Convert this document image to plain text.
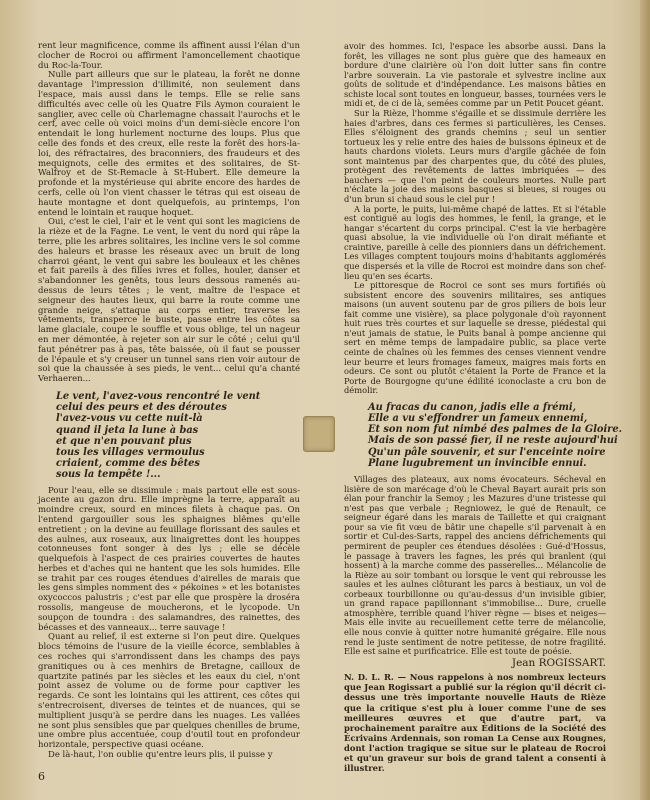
rent leur magnificence, comme ils affinent aussi l'élan d'un clocher de Rocroi ou affirment l'amoncellement chaotique du Roc-la-Tour.

Nulle part ailleurs que sur le plateau, la forêt ne donne davantage l'impression d'illimité, non seulement dans l'espace, mais aussi dans le temps. Elle se relie sans difficultés avec celle où les Quatre Fils Aymon couraient le sanglier, avec celle où Charlemagne chassait l'aurochs et le cerf, avec celle où voici moins d'un demi-siècle encore l'on entendait le long hurlement nocturne des loups. Plus que celle des fonds et des creux, elle reste la forêt des hors-la-loi, des réfractaires, des braconniers, des fraudeurs et des mequignots, celle des ermites et des solitaires, de St-Walfroy et de St-Remacle à St-Hubert. Elle demeure la profonde et la mystérieuse qui abrite encore des hardes de cerfs, celle où l'on vient chasser le tétras qui est oiseau de haute montagne et dont quelquefois, au printemps, l'on entend le lointain et rauque hoquet.

Oui, c'est le ciel, l'air et le vent qui sont les magiciens de la rièze et de la Fagne. Le vent, le vent du nord qui râpe la terre, plie les arbres solitaires, les incline vers le sol comme des haleurs et brasse les réseaux avec un bruit de long charroi géant, le vent qui sabre les bouleaux et les chênes et fait pareils à des filles ivres et folles, houler, danser et s'abandonner les genêts, tous leurs dessous ramenés au-dessus de leurs têtes ; le vent, maître de l'espace et seigneur des hautes lieux, qui barre la route comme une grande neige, s'attaque au corps entier, traverse les vêtements, transperce le buste, passe entre les côtes sa lame glaciale, coupe le souffle et vous oblige, tel un nageur en mer démontée, à rejeter son air sur le côté ; celui qu'il faut pénétrer pas à pas, tête baissée, où il faut se pousser de l'épaule et s'y creuser un tunnel sans rien voir autour de soi que la chaussée à ses pieds, le vent... celui qu'a chanté Verhaeren...

Le vent, l'avez-vous rencontré le vent
celui des peurs et des déroutes
l'avez-vous vu cette nuit-là
quand il jeta la lune à bas
et que n'en pouvant plus
tous les villages vermoulus
criaient, comme des bêtes
sous la tempête !...

Pour l'eau, elle se dissimule : mais partout elle est sous-jacente au gazon dru. Elle imprègne la terre, apparaît au moindre creux, sourd en minces filets à chaque pas. On l'entend gargouiller sous les sphaignes blêmes qu'elle entretient ; on la devine au feuillage florissant des saules et des aulnes, aux roseaux, aux linaigrettes dont les houppes cotonneuses font songer à des lys ; elle se décèle quelquefois à l'aspect de ces prairies couvertes de hautes herbes et d'aches qui ne hantent que les sols humides. Elle se trahit par ces rouges étendues d'airelles de marais que les gens simples nomment des « pékoines » et les botanistes oxycoccos palustris ; c'est par elle que prospère la droséra rossolis, mangeuse de moucherons, et le lycopode. Un soupçon de toundra : des salamandres, des rainettes, des bécasses et des vanneaux... terre sauvage !

Quant au relief, il est externe si l'on peut dire. Quelques blocs témoins de l'usure de la vieille écorce, semblables à ces roches qui s'arrondissent dans les champs des pays granitiques ou à ces menhirs de Bretagne, cailloux de quartzite patinés par les siècles et les eaux du ciel, n'ont point assez de volume ou de forme pour captiver les regards. Ce sont les lointains qui les attirent, ces côtes qui s'entrecroisent, diverses de teintes et de nuances, qui se multiplient jusqu'à se perdre dans les nuages. Les vallées ne sont plus sensibles que par quelques chenilles de brume, une ombre plus accentuée, coup d'outil tout en profondeur horizontale, perspective quasi océane.

De là-haut, l'on oublie qu'entre leurs plis, il puisse y

avoir des hommes. Ici, l'espace les absorbe aussi. Dans la forêt, les villages ne sont plus guère que des hameaux en bordure d'une clairière où l'on doit lutter sans fin contre l'arbre souverain. La vie pastorale et sylvestre incline aux goûts de solitude et d'indépendance. Les maisons bâties en schiste local sont toutes en longueur, basses, tournées vers le midi et, de ci de là, semées comme par un Petit Poucet géant.

Sur la Rièze, l'homme s'égaille et se dissimule derrière les haies d'arbres, dans ces fermes si particulières, les Censes. Elles s'éloignent des grands chemins ; seul un sentier tortueux les y relie entre des haies de buissons épineux et de hauts chardons violets. Leurs murs d'argile gâchée de foin sont maintenus par des charpentes que, du côté des pluies, protègent des revêtements de lattes imbriquées — des bauchers — que l'on peint de couleurs mortes. Nulle part n'éclate la joie des maisons basques si bleues, si rouges ou d'un brun si chaud sous le ciel pur !

A la porte, le puits, lui-même chapé de lattes. Et si l'étable est contiguë au logis des hommes, le fenil, la grange, et le hangar s'écartent du corps principal. C'est la vie herbagère quasi absolue, la vie individuelle où l'on dirait méfiante et craintive, pareille à celle des pionniers dans un défrichement. Les villages comptent toujours moins d'habitants agglomérés que dispersés et la ville de Rocroi est moindre dans son chef-lieu qu'en ses écarts.

Le pittoresque de Rocroi ce sont ses murs fortifiés où subsistent encore des souvenirs militaires, ses antiques maisons (un auvent soutenu par de gros piliers de bois leur fait comme une visière), sa place polygonale d'où rayonnent huit rues très courtes et sur laquelle se dresse, piédestal qui n'eut jamais de statue, le Puits banal à pompe ancienne qui sert en même temps de lampadaire public, sa place verte ceinte de chaînes où les femmes des censes viennent vendre leur beurre et leurs fromages fameux, maigres mais forts en odeurs. Ce sont ou plutôt c'étaient la Porte de France et la Porte de Bourgogne qu'une édilité iconoclaste a cru bon de démolir.

Au fracas du canon, jadis elle a frémi,
Elle a vu s'effondrer un fameux ennemi,
Et son nom fut nimbé des palmes de la Gloire.
Mais de son passé fier, il ne reste aujourd'hui
Qu'un pâle souvenir, et sur l'enceinte noire
Plane lugubrement un invincible ennui.

Villages des plateaux, aux noms évocateurs. Sécheval en lisière de son marécage d'où le Cheval Bayart aurait pris son élan pour franchir la Semoy ; les Mazures d'une tristesse qui n'est pas que verbale ; Regniowez, le gué de Renault, ce seigneur égaré dans les marais de Taillette et qui craignant pour sa vie fit vœu de bâtir une chapelle s'il parvenait à en sortir et Cul-des-Sarts, rappel des anciens défrichements qui permirent de peupler ces étendues désolées : Gué-d'Hossus, le passage à travers les fagnes, les prés qui branlent (qui hossent) à la marche comme des passerelles... Mélancolie de la Rièze au soir tombant ou lorsque le vent qui rebrousse les saules et les aulnes clôturant les parcs à bestiaux, un vol de corbeaux tourbillonne ou qu'au-dessus d'un invisible gibier, un grand rapace papillonnant s'immobilise... Dure, cruelle atmosphère, terrible quand l'hiver règne — bises et neiges— Mais elle invite au recueillement cette terre de mélancolie, elle nous convie à quitter notre humanité grégaire. Elle nous rend le juste sentiment de notre petitesse, de notre fragilité. Elle est saine et purificatrice. Elle est toute de poésie.

Jean ROGISSART.
N. D. L. R. — Nous rappelons à nos nombreux lecteurs que Jean Rogissart a publié sur la région qu'il décrit ci-dessus une très importante nouvelle Hauts de Rièze que la critique s'est plu à louer comme l'une de ses meilleures œuvres et que d'autre part, va prochainement paraître aux Éditions de la Société des Écrivains Ardennais, son roman La Cense aux Rougnes, dont l'action tragique se situe sur le plateau de Rocroi et qu'un graveur sur bois de grand talent a consenti à illustrer.
6
